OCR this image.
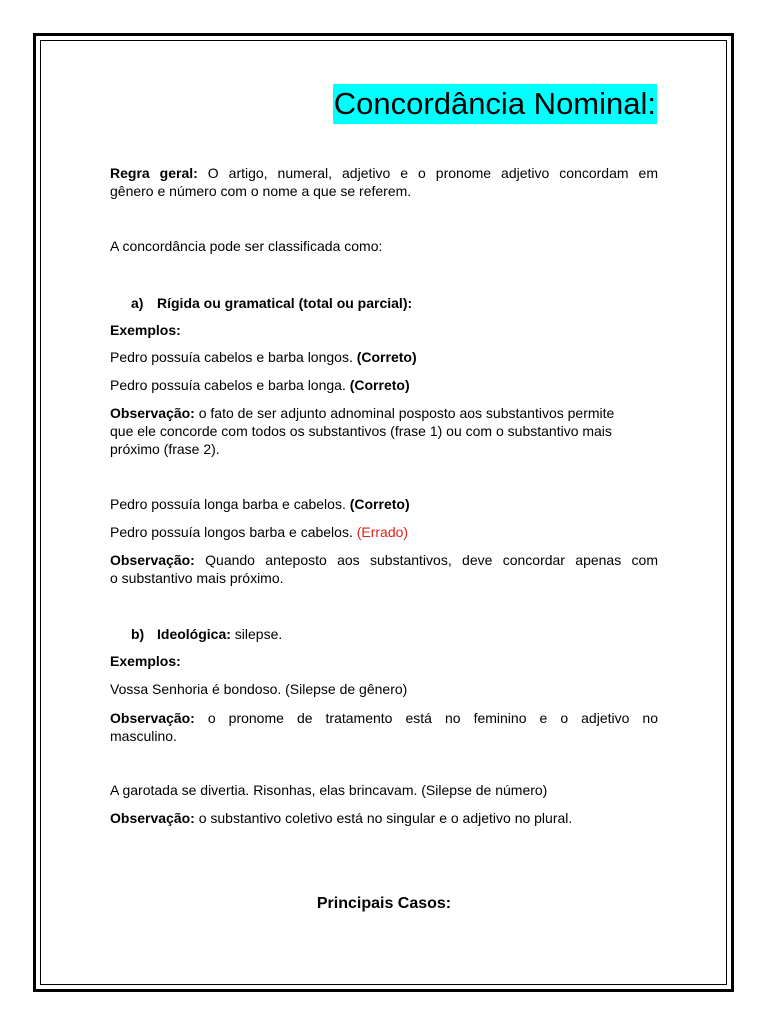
Concordância Nominal:
Regra geral: O artigo, numeral, adjetivo e o pronome adjetivo concordam em
gênero e número com o nome a que se referem.
A concordância pode ser classificada como:
a) Rígida ou gramatical (total ou parcial):
Exemplos:
Pedro possuía cabelos e barba longos. (Correto)
Pedro possuía cabelos e barba longa. (Correto)
Observação: o fato de ser adjunto adnominal posposto aos substantivos permite
que ele concorde com todos os substantivos (frase 1) ou com o substantivo mais
próximo (frase 2).
Pedro possuía longa barba e cabelos. (Correto)
Pedro possuía longos barba e cabelos. (Errado)
Observação: Quando anteposto aos substantivos, deve concordar apenas com
o substantivo mais próximo.
b) Ideológica: silepse.
Exemplos:
Vossa Senhoria é bondoso. (Silepse de gênero)
Observação: o pronome de tratamento está no feminino e o adjetivo no
masculino.
A garotada se divertia. Risonhas, elas brincavam. (Silepse de número)
Observação: o substantivo coletivo está no singular e o adjetivo no plural.
Principais Casos:
